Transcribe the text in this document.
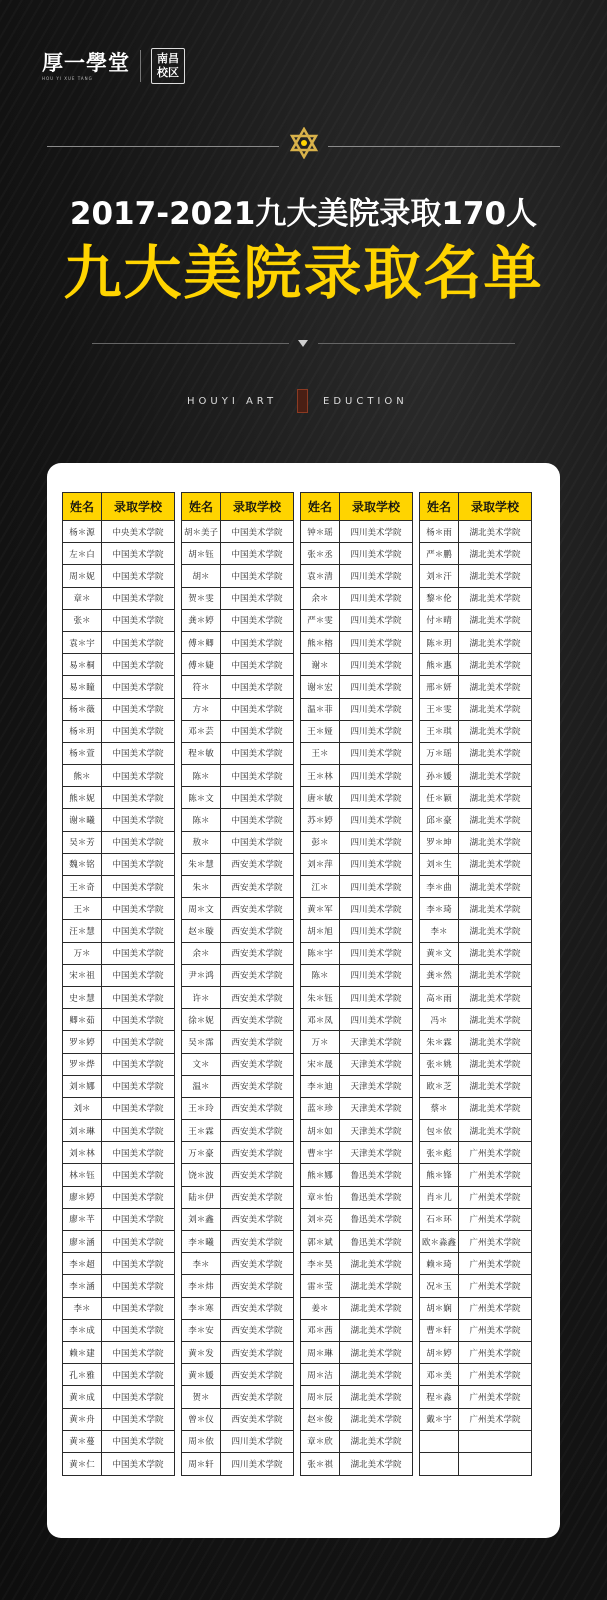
厚一學堂
HOU YI XUE TANG
南昌校区
2017-2021九大美院录取170人
九大美院录取名单
HOUYI ART	EDUCTION
姓名	录取学校
杨＊源	中央美术学院
左＊白	中国美术学院
周＊妮	中国美术学院
章＊	中国美术学院
张＊	中国美术学院
袁＊宇	中国美术学院
易＊桐	中国美术学院
易＊瞳	中国美术学院
杨＊薇	中国美术学院
杨＊玥	中国美术学院
杨＊萱	中国美术学院
熊＊	中国美术学院
熊＊妮	中国美术学院
谢＊曦	中国美术学院
吴＊芳	中国美术学院
魏＊铭	中国美术学院
王＊奇	中国美术学院
王＊	中国美术学院
汪＊慧	中国美术学院
万＊	中国美术学院
宋＊祖	中国美术学院
史＊慧	中国美术学院
卿＊茹	中国美术学院
罗＊婷	中国美术学院
罗＊烨	中国美术学院
刘＊娜	中国美术学院
刘＊	中国美术学院
刘＊琳	中国美术学院
刘＊林	中国美术学院
林＊钰	中国美术学院
廖＊婷	中国美术学院
廖＊芊	中国美术学院
廖＊涵	中国美术学院
李＊超	中国美术学院
李＊涵	中国美术学院
李＊	中国美术学院
李＊成	中国美术学院
赖＊建	中国美术学院
孔＊雅	中国美术学院
黄＊成	中国美术学院
黄＊舟	中国美术学院
黄＊蔓	中国美术学院
黄＊仁	中国美术学院
姓名	录取学校
胡＊美子	中国美术学院
胡＊钰	中国美术学院
胡＊	中国美术学院
贺＊雯	中国美术学院
龚＊婷	中国美术学院
傅＊卿	中国美术学院
傅＊婕	中国美术学院
符＊	中国美术学院
方＊	中国美术学院
邓＊芸	中国美术学院
程＊敏	中国美术学院
陈＊	中国美术学院
陈＊文	中国美术学院
陈＊	中国美术学院
敖＊	中国美术学院
朱＊慧	西安美术学院
朱＊	西安美术学院
周＊文	西安美术学院
赵＊璇	西安美术学院
余＊	西安美术学院
尹＊鸿	西安美术学院
许＊	西安美术学院
徐＊妮	西安美术学院
吴＊霈	西安美术学院
文＊	西安美术学院
温＊	西安美术学院
王＊玲	西安美术学院
王＊霖	西安美术学院
万＊豪	西安美术学院
饶＊波	西安美术学院
陆＊伊	西安美术学院
刘＊鑫	西安美术学院
李＊曦	西安美术学院
李＊	西安美术学院
李＊炜	西安美术学院
李＊寒	西安美术学院
李＊安	西安美术学院
黄＊发	西安美术学院
黄＊媛	西安美术学院
贺＊	西安美术学院
曾＊仪	西安美术学院
周＊依	四川美术学院
周＊轩	四川美术学院
姓名	录取学校
钟＊瑶	四川美术学院
张＊丞	四川美术学院
袁＊清	四川美术学院
余＊	四川美术学院
严＊雯	四川美术学院
熊＊榕	四川美术学院
谢＊	四川美术学院
谢＊宏	四川美术学院
温＊菲	四川美术学院
王＊娅	四川美术学院
王＊	四川美术学院
王＊林	四川美术学院
唐＊敏	四川美术学院
苏＊婷	四川美术学院
彭＊	四川美术学院
刘＊萍	四川美术学院
江＊	四川美术学院
黄＊军	四川美术学院
胡＊旭	四川美术学院
陈＊宇	四川美术学院
陈＊	四川美术学院
朱＊钰	四川美术学院
邓＊凤	四川美术学院
万＊	天津美术学院
宋＊晟	天津美术学院
李＊迪	天津美术学院
蓝＊珍	天津美术学院
胡＊如	天津美术学院
曹＊宇	天津美术学院
熊＊娜	鲁迅美术学院
章＊怡	鲁迅美术学院
刘＊亮	鲁迅美术学院
郭＊斌	鲁迅美术学院
李＊昊	湖北美术学院
雷＊莹	湖北美术学院
姜＊	湖北美术学院
邓＊茜	湖北美术学院
周＊琳	湖北美术学院
周＊洁	湖北美术学院
周＊辰	湖北美术学院
赵＊俊	湖北美术学院
章＊欣	湖北美术学院
张＊祺	湖北美术学院
姓名	录取学校
杨＊雨	湖北美术学院
严＊鹏	湖北美术学院
刘＊汗	湖北美术学院
黎＊伦	湖北美术学院
付＊晴	湖北美术学院
陈＊玥	湖北美术学院
熊＊惠	湖北美术学院
邢＊妍	湖北美术学院
王＊雯	湖北美术学院
王＊琪	湖北美术学院
万＊瑶	湖北美术学院
孙＊媛	湖北美术学院
任＊颖	湖北美术学院
邱＊豪	湖北美术学院
罗＊坤	湖北美术学院
刘＊生	湖北美术学院
李＊曲	湖北美术学院
李＊琦	湖北美术学院
李＊	湖北美术学院
黄＊文	湖北美术学院
龚＊然	湖北美术学院
高＊雨	湖北美术学院
冯＊	湖北美术学院
朱＊霖	湖北美术学院
张＊姚	湖北美术学院
欧＊芝	湖北美术学院
蔡＊	湖北美术学院
包＊依	湖北美术学院
张＊彪	广州美术学院
熊＊锋	广州美术学院
肖＊儿	广州美术学院
石＊环	广州美术学院
欧＊淼鑫	广州美术学院
赖＊琦	广州美术学院
况＊玉	广州美术学院
胡＊娴	广州美术学院
曹＊轩	广州美术学院
胡＊婷	广州美术学院
邓＊美	广州美术学院
程＊淼	广州美术学院
戴＊宇	广州美术学院
